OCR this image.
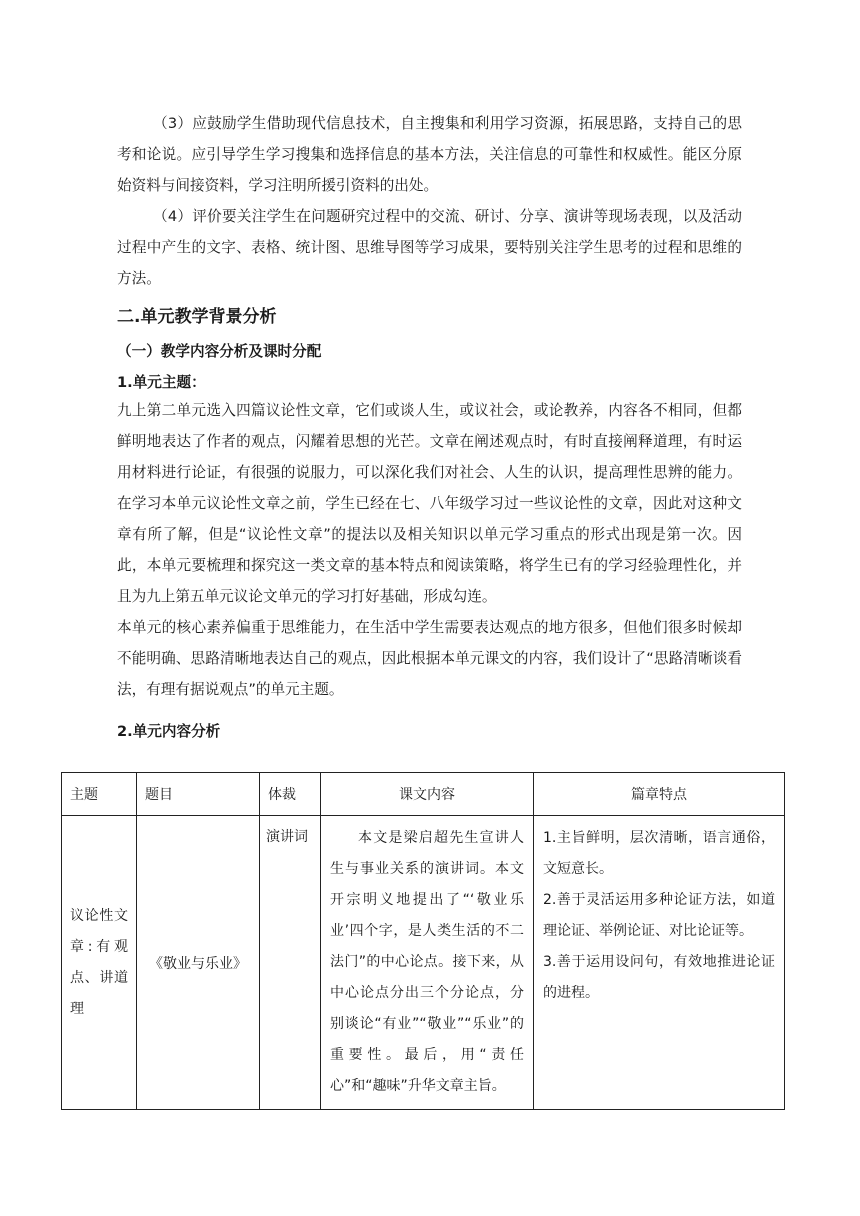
（3）应鼓励学生借助现代信息技术，自主搜集和利用学习资源，拓展思路，支持自己的思考和论说。应引导学生学习搜集和选择信息的基本方法，关注信息的可靠性和权威性。能区分原始资料与间接资料，学习注明所援引资料的出处。
（4）评价要关注学生在问题研究过程中的交流、研讨、分享、演讲等现场表现，以及活动过程中产生的文字、表格、统计图、思维导图等学习成果，要特别关注学生思考的过程和思维的方法。
二.单元教学背景分析
（一）教学内容分析及课时分配
1.单元主题：
九上第二单元选入四篇议论性文章，它们或谈人生，或议社会，或论教养，内容各不相同，但都鲜明地表达了作者的观点，闪耀着思想的光芒。文章在阐述观点时，有时直接阐释道理，有时运用材料进行论证，有很强的说服力，可以深化我们对社会、人生的认识，提高理性思辨的能力。在学习本单元议论性文章之前，学生已经在七、八年级学习过一些议论性的文章，因此对这种文章有所了解，但是“议论性文章”的提法以及相关知识以单元学习重点的形式出现是第一次。因此，本单元要梳理和探究这一类文章的基本特点和阅读策略，将学生已有的学习经验理性化，并且为九上第五单元议论文单元的学习打好基础，形成勾连。
本单元的核心素养偏重于思维能力，在生活中学生需要表达观点的地方很多，但他们很多时候却不能明确、思路清晰地表达自己的观点，因此根据本单元课文的内容，我们设计了“思路清晰谈看法，有理有据说观点”的单元主题。
2.单元内容分析
主题	题目	体裁	课文内容	篇章特点
议论性文章:有观点、讲道理	《敬业与乐业》	演讲词	本文是梁启超先生宣讲人生与事业关系的演讲词。本文开宗明义地提出了“‘敬业乐业’四个字，是人类生活的不二法门”的中心论点。接下来，从中心论点分出三个分论点，分别谈论“有业”“敬业”“乐业”的重要性。最后，用“责任心”和“趣味”升华文章主旨。	1.主旨鲜明，层次清晰，语言通俗，文短意长。
2.善于灵活运用多种论证方法，如道理论证、举例论证、对比论证等。
3.善于运用设问句，有效地推进论证的进程。
